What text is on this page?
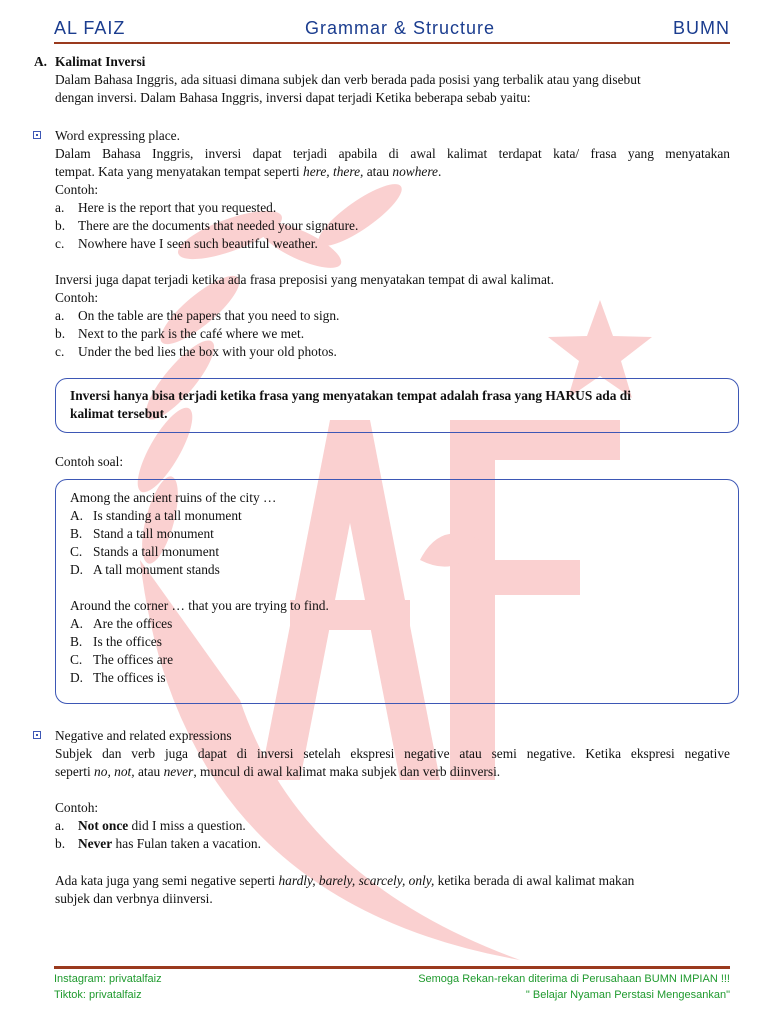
AL FAIZ	Grammar & Structure	BUMN
A. Kalimat Inversi
Dalam Bahasa Inggris, ada situasi dimana subjek dan verb berada pada posisi yang terbalik atau yang disebut
dengan inversi. Dalam Bahasa Inggris, inversi dapat terjadi Ketika beberapa sebab yaitu:
Word expressing place.
Dalam Bahasa Inggris, inversi dapat terjadi apabila di awal kalimat terdapat kata/ frasa yang menyatakan
tempat. Kata yang menyatakan tempat seperti here, there, atau nowhere.
Contoh:
a. Here is the report that you requested.
b. There are the documents that needed your signature.
c. Nowhere have I seen such beautiful weather.
Inversi juga dapat terjadi ketika ada frasa preposisi yang menyatakan tempat di awal kalimat.
Contoh:
a. On the table are the papers that you need to sign.
b. Next to the park is the café where we met.
c. Under the bed lies the box with your old photos.
Inversi hanya bisa terjadi ketika frasa yang menyatakan tempat adalah frasa yang HARUS ada di
kalimat tersebut.
Contoh soal:
Among the ancient ruins of the city …
A. Is standing a tall monument
B. Stand a tall monument
C. Stands a tall monument
D. A tall monument stands
Around the corner … that you are trying to find.
A. Are the offices
B. Is the offices
C. The offices are
D. The offices is
Negative and related expressions
Subjek dan verb juga dapat di inversi setelah ekspresi negative atau semi negative. Ketika ekspresi negative
seperti no, not, atau never, muncul di awal kalimat maka subjek dan verb diinversi.
Contoh:
a. Not once did I miss a question.
b. Never has Fulan taken a vacation.
Ada kata juga yang semi negative seperti hardly, barely, scarcely, only, ketika berada di awal kalimat makan
subjek dan verbnya diinversi.
Instagram: privatalfaiz
Tiktok: privatalfaiz
Semoga Rekan-rekan diterima di Perusahaan BUMN IMPIAN !!!
" Belajar Nyaman Perstasi Mengesankan"
